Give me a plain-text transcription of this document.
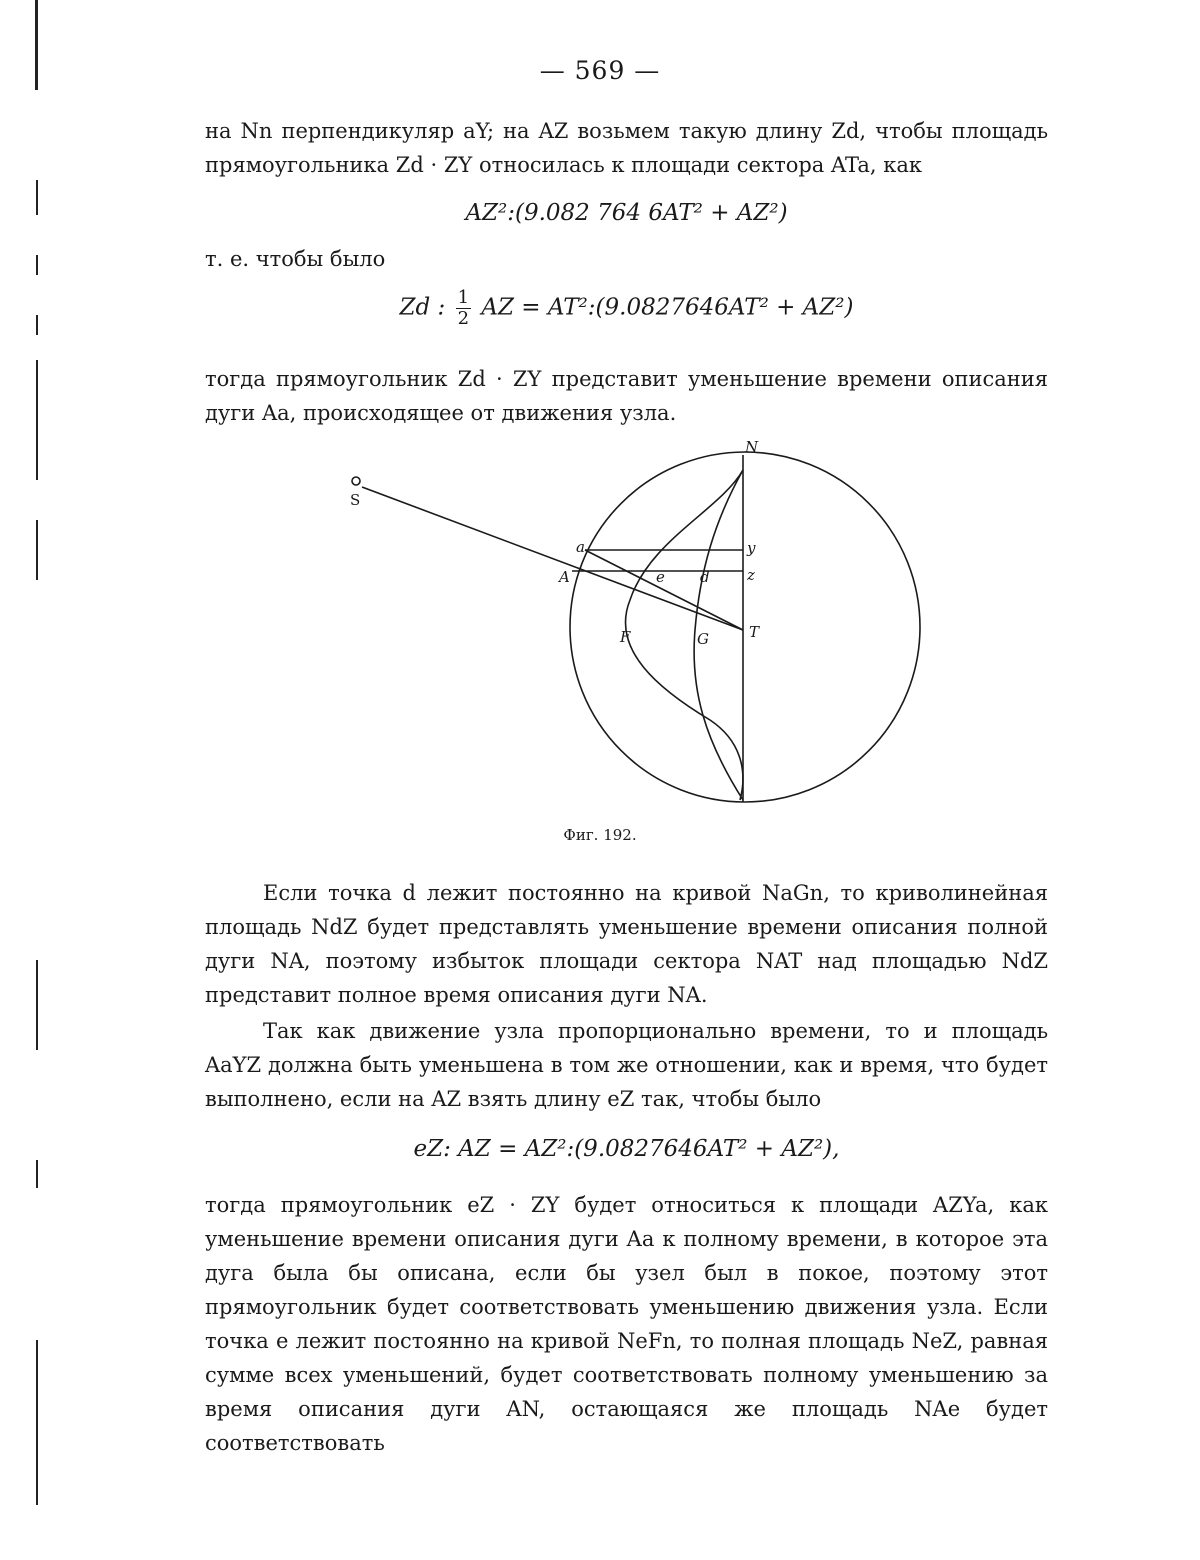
— 569 —

на Nn перпендикуляр aY; на AZ возьмем такую длину Zd, чтобы площадь прямоугольника Zd · ZY относилась к площади сектора ATa, как

AZ²:(9.082 764 6AT² + AZ²)

т. е. чтобы было

Zd : $\frac{1}{2}$ AZ = AT²:(9.0827646AT² + AZ²)

тогда прямоугольник Zd · ZY представит уменьшение времени описания дуги Aa, происходящее от движения узла.

N
S
a
A
y
z
e d
T
F	G
Фиг. 192.

Если точка d лежит постоянно на кривой NaGn, то криволинейная площадь NdZ будет представлять уменьшение времени описания полной дуги NA, поэтому избыток площади сектора NAT над площадью NdZ представит полное время описания дуги NA.

Так как движение узла пропорционально времени, то и площадь AaYZ должна быть уменьшена в том же отношении, как и время, что будет выполнено, если на AZ взять длину eZ так, чтобы было

eZ: AZ = AZ²:(9.0827646AT² + AZ²),

тогда прямоугольник eZ · ZY будет относиться к площади AZYa, как уменьшение времени описания дуги Aa к полному времени, в которое эта дуга была бы описана, если бы узел был в покое, поэтому этот прямоугольник будет соответствовать уменьшению движения узла. Если точка e лежит постоянно на кривой NeFn, то полная площадь NeZ, равная сумме всех уменьшений, будет соответствовать полному уменьшению за время описания дуги AN, остающаяся же площадь NAe будет соответствовать
